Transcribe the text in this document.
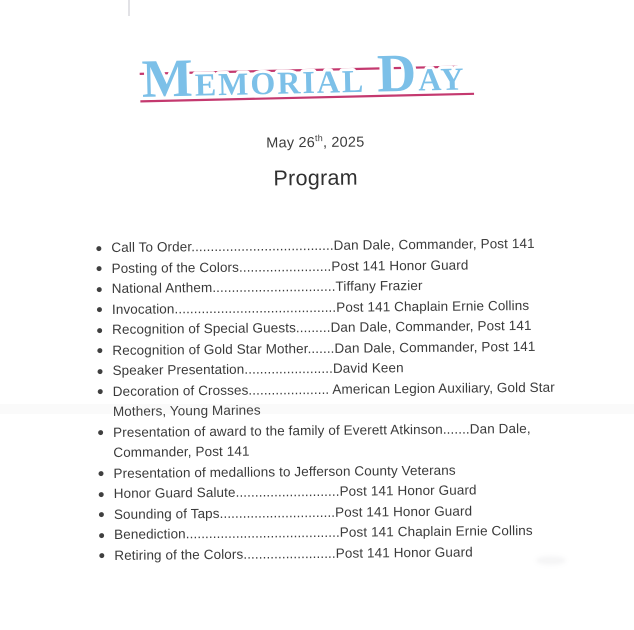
MEMORIAL DAY
May 26th, 2025
Program
Call To Order.....................................Dan Dale, Commander, Post 141
Posting of the Colors........................Post 141 Honor Guard
National Anthem................................Tiffany Frazier
Invocation..........................................Post 141 Chaplain Ernie Collins
Recognition of Special Guests.........Dan Dale, Commander, Post 141
Recognition of Gold Star Mother.......Dan Dale, Commander, Post 141
Speaker Presentation.......................David Keen
Decoration of Crosses..................... American Legion Auxiliary, Gold Star
Mothers, Young Marines
Presentation of award to the family of Everett Atkinson.......Dan Dale,
Commander, Post 141
Presentation of medallions to Jefferson County Veterans
Honor Guard Salute...........................Post 141 Honor Guard
Sounding of Taps..............................Post 141 Honor Guard
Benediction........................................Post 141 Chaplain Ernie Collins
Retiring of the Colors........................Post 141 Honor Guard
